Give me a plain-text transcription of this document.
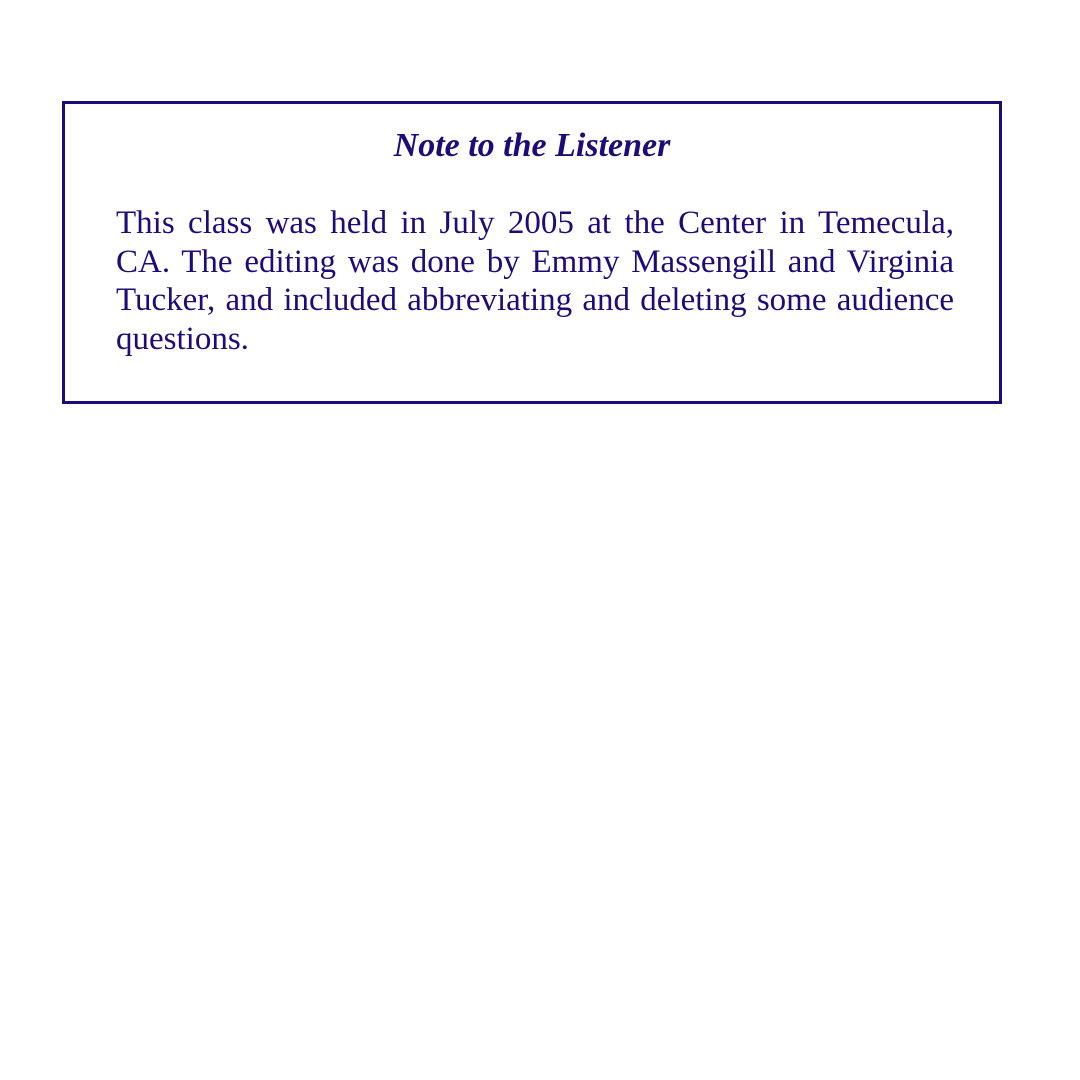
Note to the Listener

This class was held in July 2005 at the Center in Temecula, CA. The editing was done by Emmy Massengill and Virginia Tucker, and included abbreviating and deleting some audience questions.
